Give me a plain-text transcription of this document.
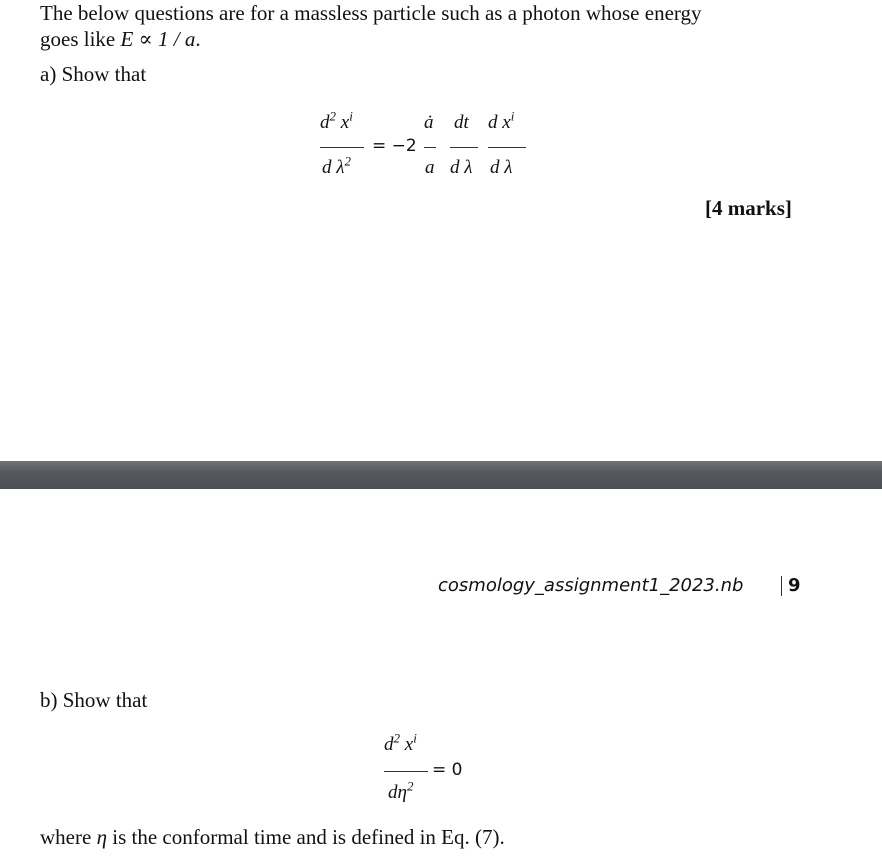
The below questions are for a massless particle such as a photon whose energy
goes like E ∝ 1 / a.
a) Show that
$d^2$ $x^i$
d $\lambda^2$
= −2
ȧ
a
dt
d λ
d $x^i$
d λ
[4 marks]
cosmology_assignment1_2023.nb 9
b) Show that
$d^2$ $x^i$
$d\eta^2$
= 0
where η is the conformal time and is defined in Eq. (7).
